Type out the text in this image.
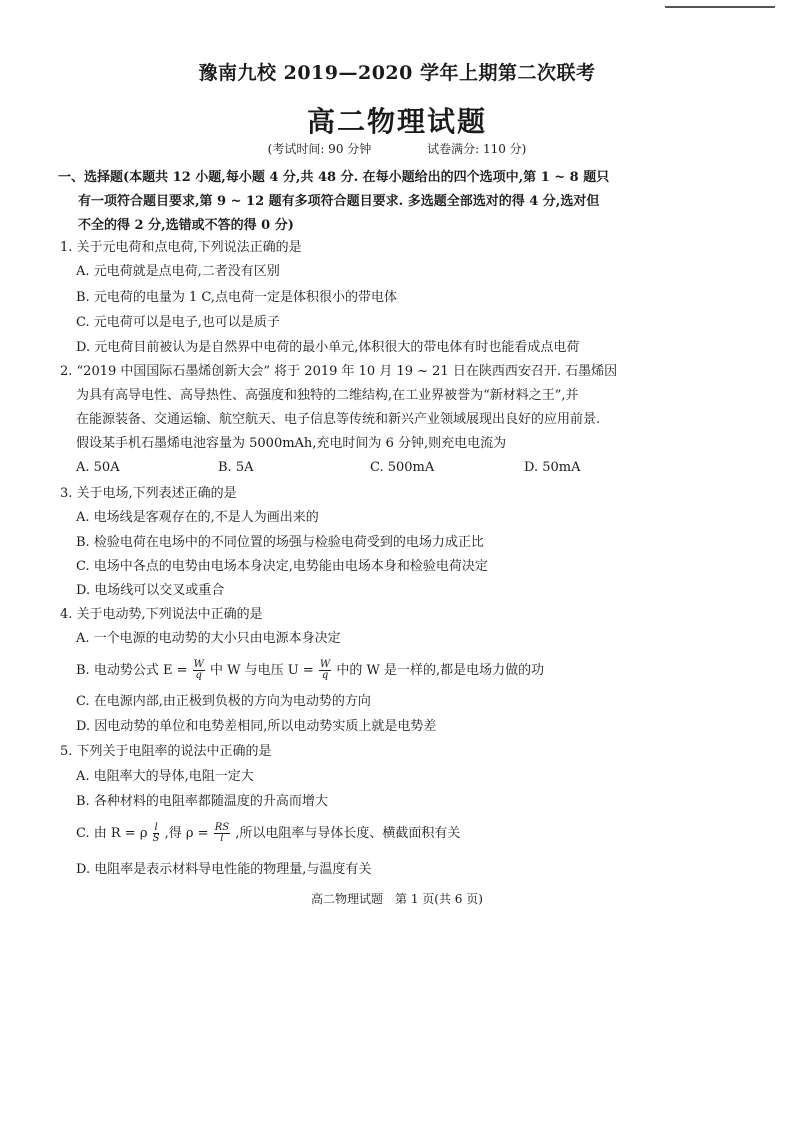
豫南九校 2019—2020 学年上期第二次联考
高二物理试题
(考试时间: 90 分钟	试卷满分: 110 分)
一、选择题(本题共 12 小题,每小题 4 分,共 48 分. 在每小题给出的四个选项中,第 1 ~ 8 题只
有一项符合题目要求,第 9 ~ 12 题有多项符合题目要求. 多选题全部选对的得 4 分,选对但
不全的得 2 分,选错或不答的得 0 分)
1. 关于元电荷和点电荷,下列说法正确的是
A. 元电荷就是点电荷,二者没有区别
B. 元电荷的电量为 1 C,点电荷一定是体积很小的带电体
C. 元电荷可以是电子,也可以是质子
D. 元电荷目前被认为是自然界中电荷的最小单元,体积很大的带电体有时也能看成点电荷
2. “2019 中国国际石墨烯创新大会” 将于 2019 年 10 月 19 ~ 21 日在陕西西安召开. 石墨烯因
为具有高导电性、高导热性、高强度和独特的二维结构,在工业界被誉为“新材料之王”,并
在能源装备、交通运输、航空航天、电子信息等传统和新兴产业领域展现出良好的应用前景.
假设某手机石墨烯电池容量为 5000mAh,充电时间为 6 分钟,则充电电流为
A. 50A	B. 5A	C. 500mA	D. 50mA
3. 关于电场,下列表述正确的是
A. 电场线是客观存在的,不是人为画出来的
B. 检验电荷在电场中的不同位置的场强与检验电荷受到的电场力成正比
C. 电场中各点的电势由电场本身决定,电势能由电场本身和检验电荷决定
D. 电场线可以交叉或重合
4. 关于电动势,下列说法中正确的是
A. 一个电源的电动势的大小只由电源本身决定
B. 电动势公式 $E = \frac{W}{q}$ 中 W 与电压 $U = \frac{W}{q}$ 中的 W 是一样的,都是电场力做的功
C. 在电源内部,由正极到负极的方向为电动势的方向
D. 因电动势的单位和电势差相同,所以电动势实质上就是电势差
5. 下列关于电阻率的说法中正确的是
A. 电阻率大的导体,电阻一定大
B. 各种材料的电阻率都随温度的升高而增大
C. 由 R = ρ $\frac{l}{S}$ ,得 $\rho = \frac{RS}{l}$ ,所以电阻率与导体长度、横截面积有关
D. 电阻率是表示材料导电性能的物理量,与温度有关
高二物理试题　第 1 页(共 6 页)
